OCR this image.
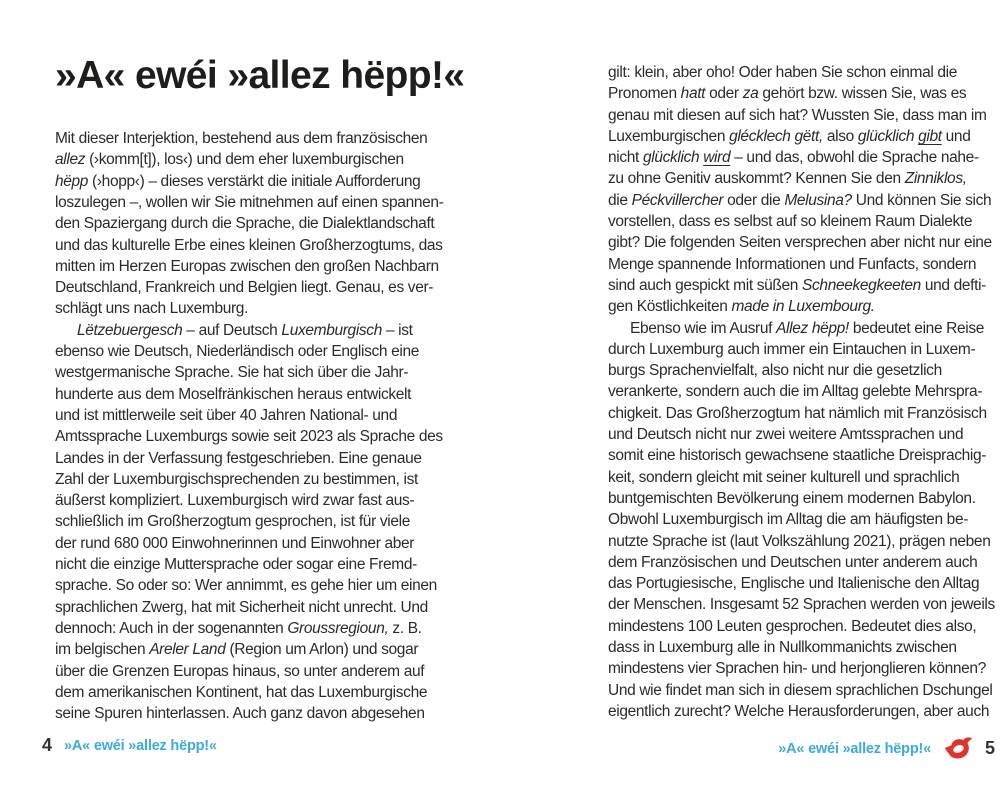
»A« ewéi »allez hëpp!«

Mit dieser Interjektion, bestehend aus dem französischen
allez (›komm[t]), los‹) und dem eher luxemburgischen
hëpp (›hopp‹) – dieses verstärkt die initiale Aufforderung
loszulegen –, wollen wir Sie mitnehmen auf einen spannen-
den Spaziergang durch die Sprache, die Dialektlandschaft
und das kulturelle Erbe eines kleinen Großherzogtums, das
mitten im Herzen Europas zwischen den großen Nachbarn
Deutschland, Frankreich und Belgien liegt. Genau, es ver-
schlägt uns nach Luxemburg.

Lëtzebuergesch – auf Deutsch Luxemburgisch – ist
ebenso wie Deutsch, Niederländisch oder Englisch eine
westgermanische Sprache. Sie hat sich über die Jahr-
hunderte aus dem Moselfränkischen heraus entwickelt
und ist mittlerweile seit über 40 Jahren National- und
Amtssprache Luxemburgs sowie seit 2023 als Sprache des
Landes in der Verfassung festgeschrieben. Eine genaue
Zahl der Luxemburgischsprechenden zu bestimmen, ist
äußerst kompliziert. Luxemburgisch wird zwar fast aus-
schließlich im Großherzogtum gesprochen, ist für viele
der rund 680 000 Einwohnerinnen und Einwohner aber
nicht die einzige Muttersprache oder sogar eine Fremd-
sprache. So oder so: Wer annimmt, es gehe hier um einen
sprachlichen Zwerg, hat mit Sicherheit nicht unrecht. Und
dennoch: Auch in der sogenannten Groussregioun, z. B.
im belgischen Areler Land (Region um Arlon) und sogar
über die Grenzen Europas hinaus, so unter anderem auf
dem amerikanischen Kontinent, hat das Luxemburgische
seine Spuren hinterlassen. Auch ganz davon abgesehen

gilt: klein, aber oho! Oder haben Sie schon einmal die
Pronomen hatt oder za gehört bzw. wissen Sie, was es
genau mit diesen auf sich hat? Wussten Sie, dass man im
Luxemburgischen glécklech gëtt, also glücklich gibt und
nicht glücklich wird – und das, obwohl die Sprache nahe-
zu ohne Genitiv auskommt? Kennen Sie den Zinniklos,
die Péckvillercher oder die Melusina? Und können Sie sich
vorstellen, dass es selbst auf so kleinem Raum Dialekte
gibt? Die folgenden Seiten versprechen aber nicht nur eine
Menge spannende Informationen und Funfacts, sondern
sind auch gespickt mit süßen Schneekegkeeten und defti-
gen Köstlichkeiten made in Luxembourg.

Ebenso wie im Ausruf Allez hëpp! bedeutet eine Reise
durch Luxemburg auch immer ein Eintauchen in Luxem-
burgs Sprachenvielfalt, also nicht nur die gesetzlich
verankerte, sondern auch die im Alltag gelebte Mehrspra-
chigkeit. Das Großherzogtum hat nämlich mit Französisch
und Deutsch nicht nur zwei weitere Amtssprachen und
somit eine historisch gewachsene staatliche Dreisprachig-
keit, sondern gleicht mit seiner kulturell und sprachlich
buntgemischten Bevölkerung einem modernen Babylon.
Obwohl Luxemburgisch im Alltag die am häufigsten be-
nutzte Sprache ist (laut Volkszählung 2021), prägen neben
dem Französischen und Deutschen unter anderem auch
das Portugiesische, Englische und Italienische den Alltag
der Menschen. Insgesamt 52 Sprachen werden von jeweils
mindestens 100 Leuten gesprochen. Bedeutet dies also,
dass in Luxemburg alle in Nullkommanichts zwischen
mindestens vier Sprachen hin- und herjonglieren können?
Und wie findet man sich in diesem sprachlichen Dschungel
eigentlich zurecht? Welche Herausforderungen, aber auch

4 »A« ewéi »allez hëpp!«	»A« ewéi »allez hëpp!«	5
